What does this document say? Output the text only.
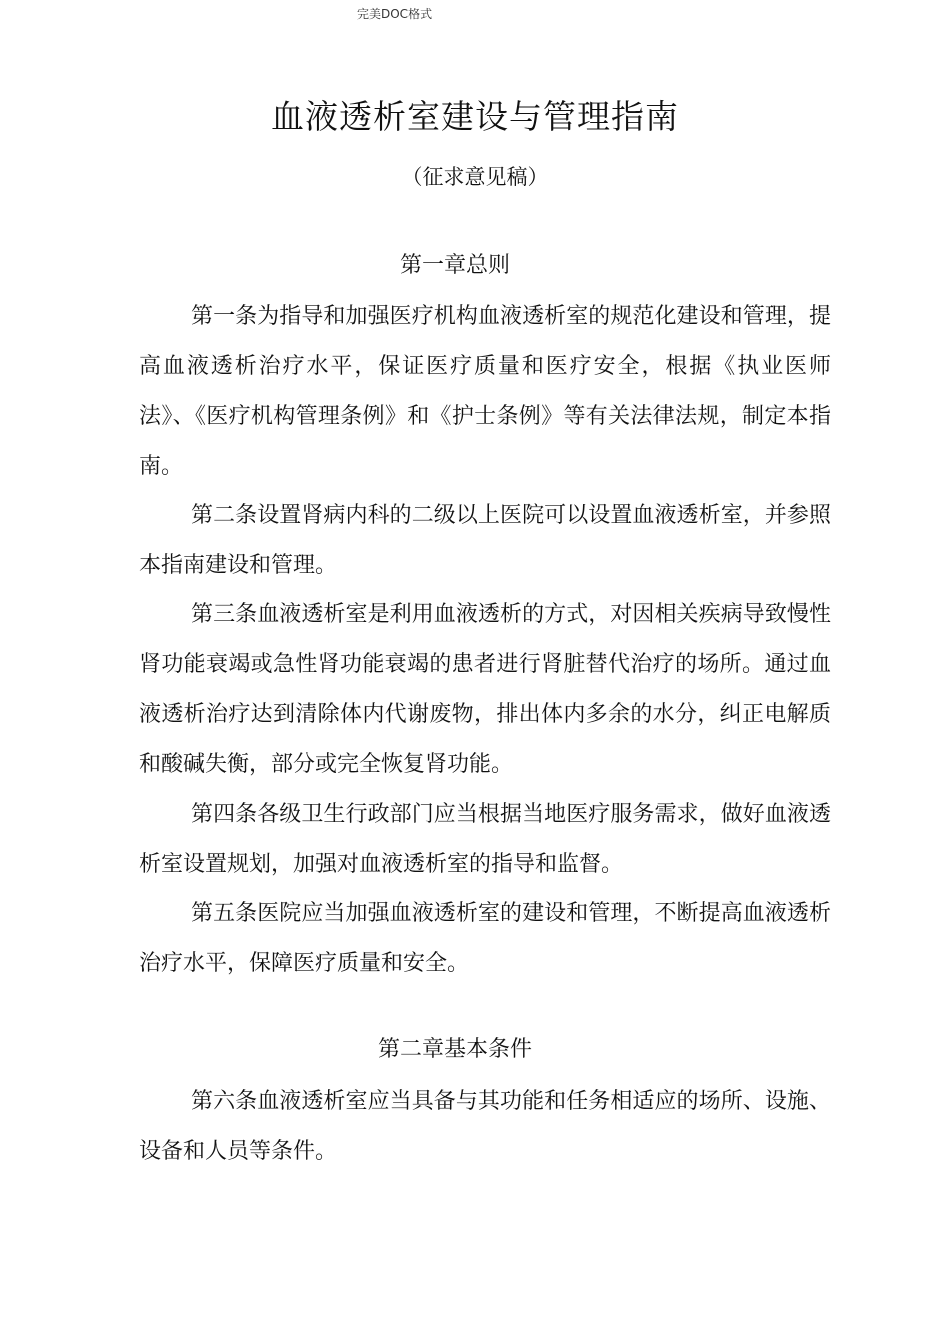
完美DOC格式
血液透析室建设与管理指南
（征求意见稿）
第一章总则

第一条为指导和加强医疗机构血液透析室的规范化建设和管理，提高血液透析治疗水平，保证医疗质量和医疗安全，根据《执业医师法》、《医疗机构管理条例》和《护士条例》等有关法律法规，制定本指南。

第二条设置肾病内科的二级以上医院可以设置血液透析室，并参照本指南建设和管理。

第三条血液透析室是利用血液透析的方式，对因相关疾病导致慢性肾功能衰竭或急性肾功能衰竭的患者进行肾脏替代治疗的场所。通过血液透析治疗达到清除体内代谢废物，排出体内多余的水分，纠正电解质和酸碱失衡，部分或完全恢复肾功能。

第四条各级卫生行政部门应当根据当地医疗服务需求，做好血液透析室设置规划，加强对血液透析室的指导和监督。

第五条医院应当加强血液透析室的建设和管理，不断提高血液透析治疗水平，保障医疗质量和安全。

第二章基本条件

第六条血液透析室应当具备与其功能和任务相适应的场所、设施、设备和人员等条件。
